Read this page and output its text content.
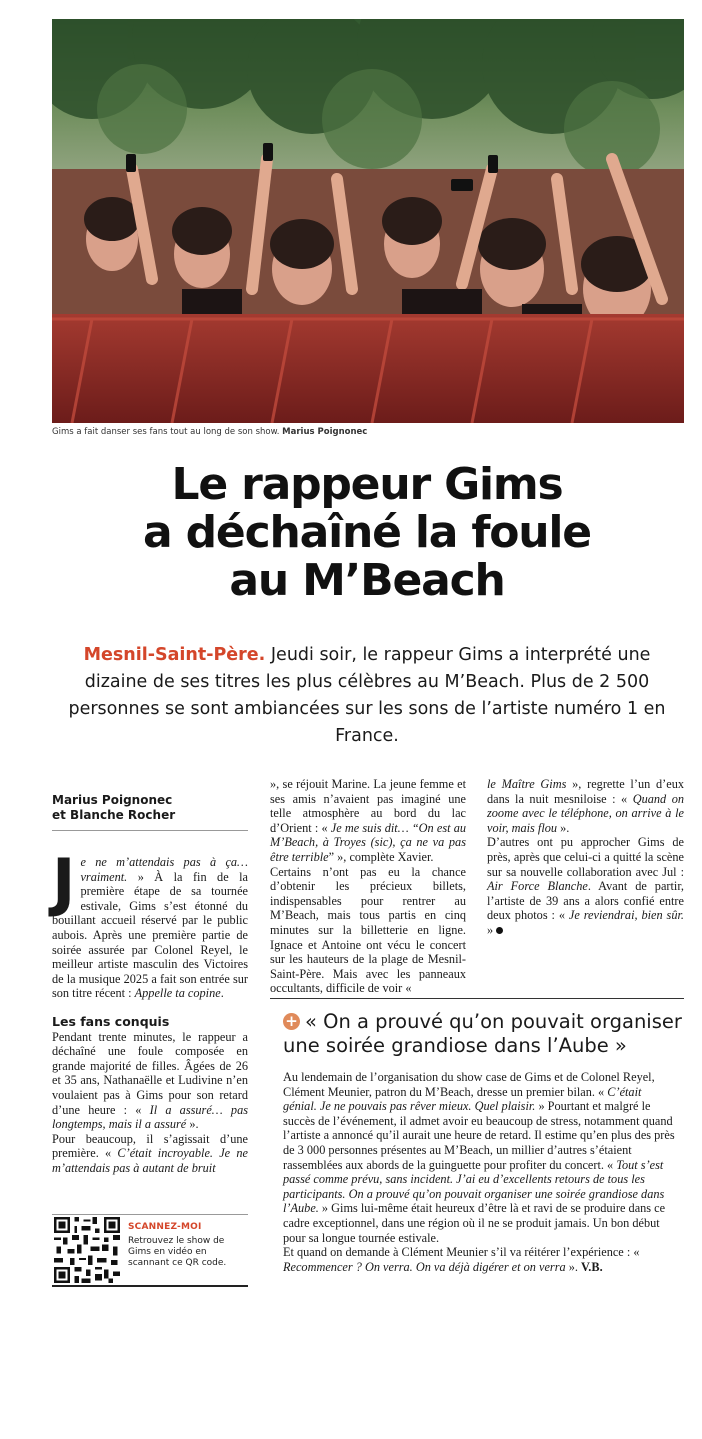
Gims a fait danser ses fans tout au long de son show. Marius Poignonec
Le rappeur Gims
a déchaîné la foule
au M’Beach

Mesnil-Saint-Père. Jeudi soir, le rappeur Gims a interprété une dizaine de ses titres les plus célèbres au M’Beach. Plus de 2 500 personnes se sont ambiancées sur les sons de l’artiste numéro 1 en France.

Marius Poignonec
et Blanche Rocher

Je ne m’attendais pas à ça… vraiment. » À la fin de la première étape de sa tournée estivale, Gims s’est étonné du bouillant accueil réservé par le public aubois. Après une première partie de soirée assurée par Colonel Reyel, le meilleur artiste masculin des Victoires de la musique 2025 a fait son entrée sur son titre récent : Appelle ta copine.

Les fans conquis

Pendant trente minutes, le rappeur a déchaîné une foule composée en grande majorité de filles. Âgées de 26 et 35 ans, Nathanaëlle et Ludivine n’en voulaient pas à Gims pour son retard d’une heure : « Il a assuré… pas longtemps, mais il a assuré ».

Pour beaucoup, il s’agissait d’une première. « C’était incroyable. Je ne m’attendais pas à autant de bruit

», se réjouit Marine. La jeune femme et ses amis n’avaient pas imaginé une telle atmosphère au bord du lac d’Orient : « Je me suis dit… “On est au M’Beach, à Troyes (sic), ça ne va pas être terrible” », complète Xavier.

Certains n’ont pas eu la chance d’obtenir les précieux billets, indispensables pour rentrer au M’Beach, mais tous partis en cinq minutes sur la billetterie en ligne. Ignace et Antoine ont vécu le concert sur les hauteurs de la plage de Mesnil-Saint-Père. Mais avec les panneaux occultants, difficile de voir «

le Maître Gims », regrette l’un d’eux dans la nuit mesniloise : « Quand on zoome avec le téléphone, on arrive à le voir, mais flou ».

D’autres ont pu approcher Gims de près, après que celui-ci a quitté la scène sur sa nouvelle collaboration avec Jul : Air Force Blanche. Avant de partir, l’artiste de 39 ans a alors confié entre deux photos : « Je reviendrai, bien sûr. »

SCANNEZ-MOI

Retrouvez le show de Gims en vidéo en scannant ce QR code.

+ « On a prouvé qu’on pouvait organiser une soirée grandiose dans l’Aube »

Au lendemain de l’organisation du show case de Gims et de Colonel Reyel, Clément Meunier, patron du M’Beach, dresse un premier bilan. « C’était génial. Je ne pouvais pas rêver mieux. Quel plaisir. » Pourtant et malgré le succès de l’événement, il admet avoir eu beaucoup de stress, notamment quand l’artiste a annoncé qu’il aurait une heure de retard. Il estime qu’en plus des près de 3 000 personnes présentes au M’Beach, un millier d’autres s’étaient rassemblées aux abords de la guinguette pour profiter du concert. « Tout s’est passé comme prévu, sans incident. J’ai eu d’excellents retours de tous les participants. On a prouvé qu’on pouvait organiser une soirée grandiose dans l’Aube. » Gims lui-même était heureux d’être là et ravi de se produire dans ce cadre exceptionnel, dans une région où il ne se produit jamais. Un bon début pour sa longue tournée estivale.

Et quand on demande à Clément Meunier s’il va réitérer l’expérience : « Recommencer ? On verra. On va déjà digérer et on verra ». V.B.
